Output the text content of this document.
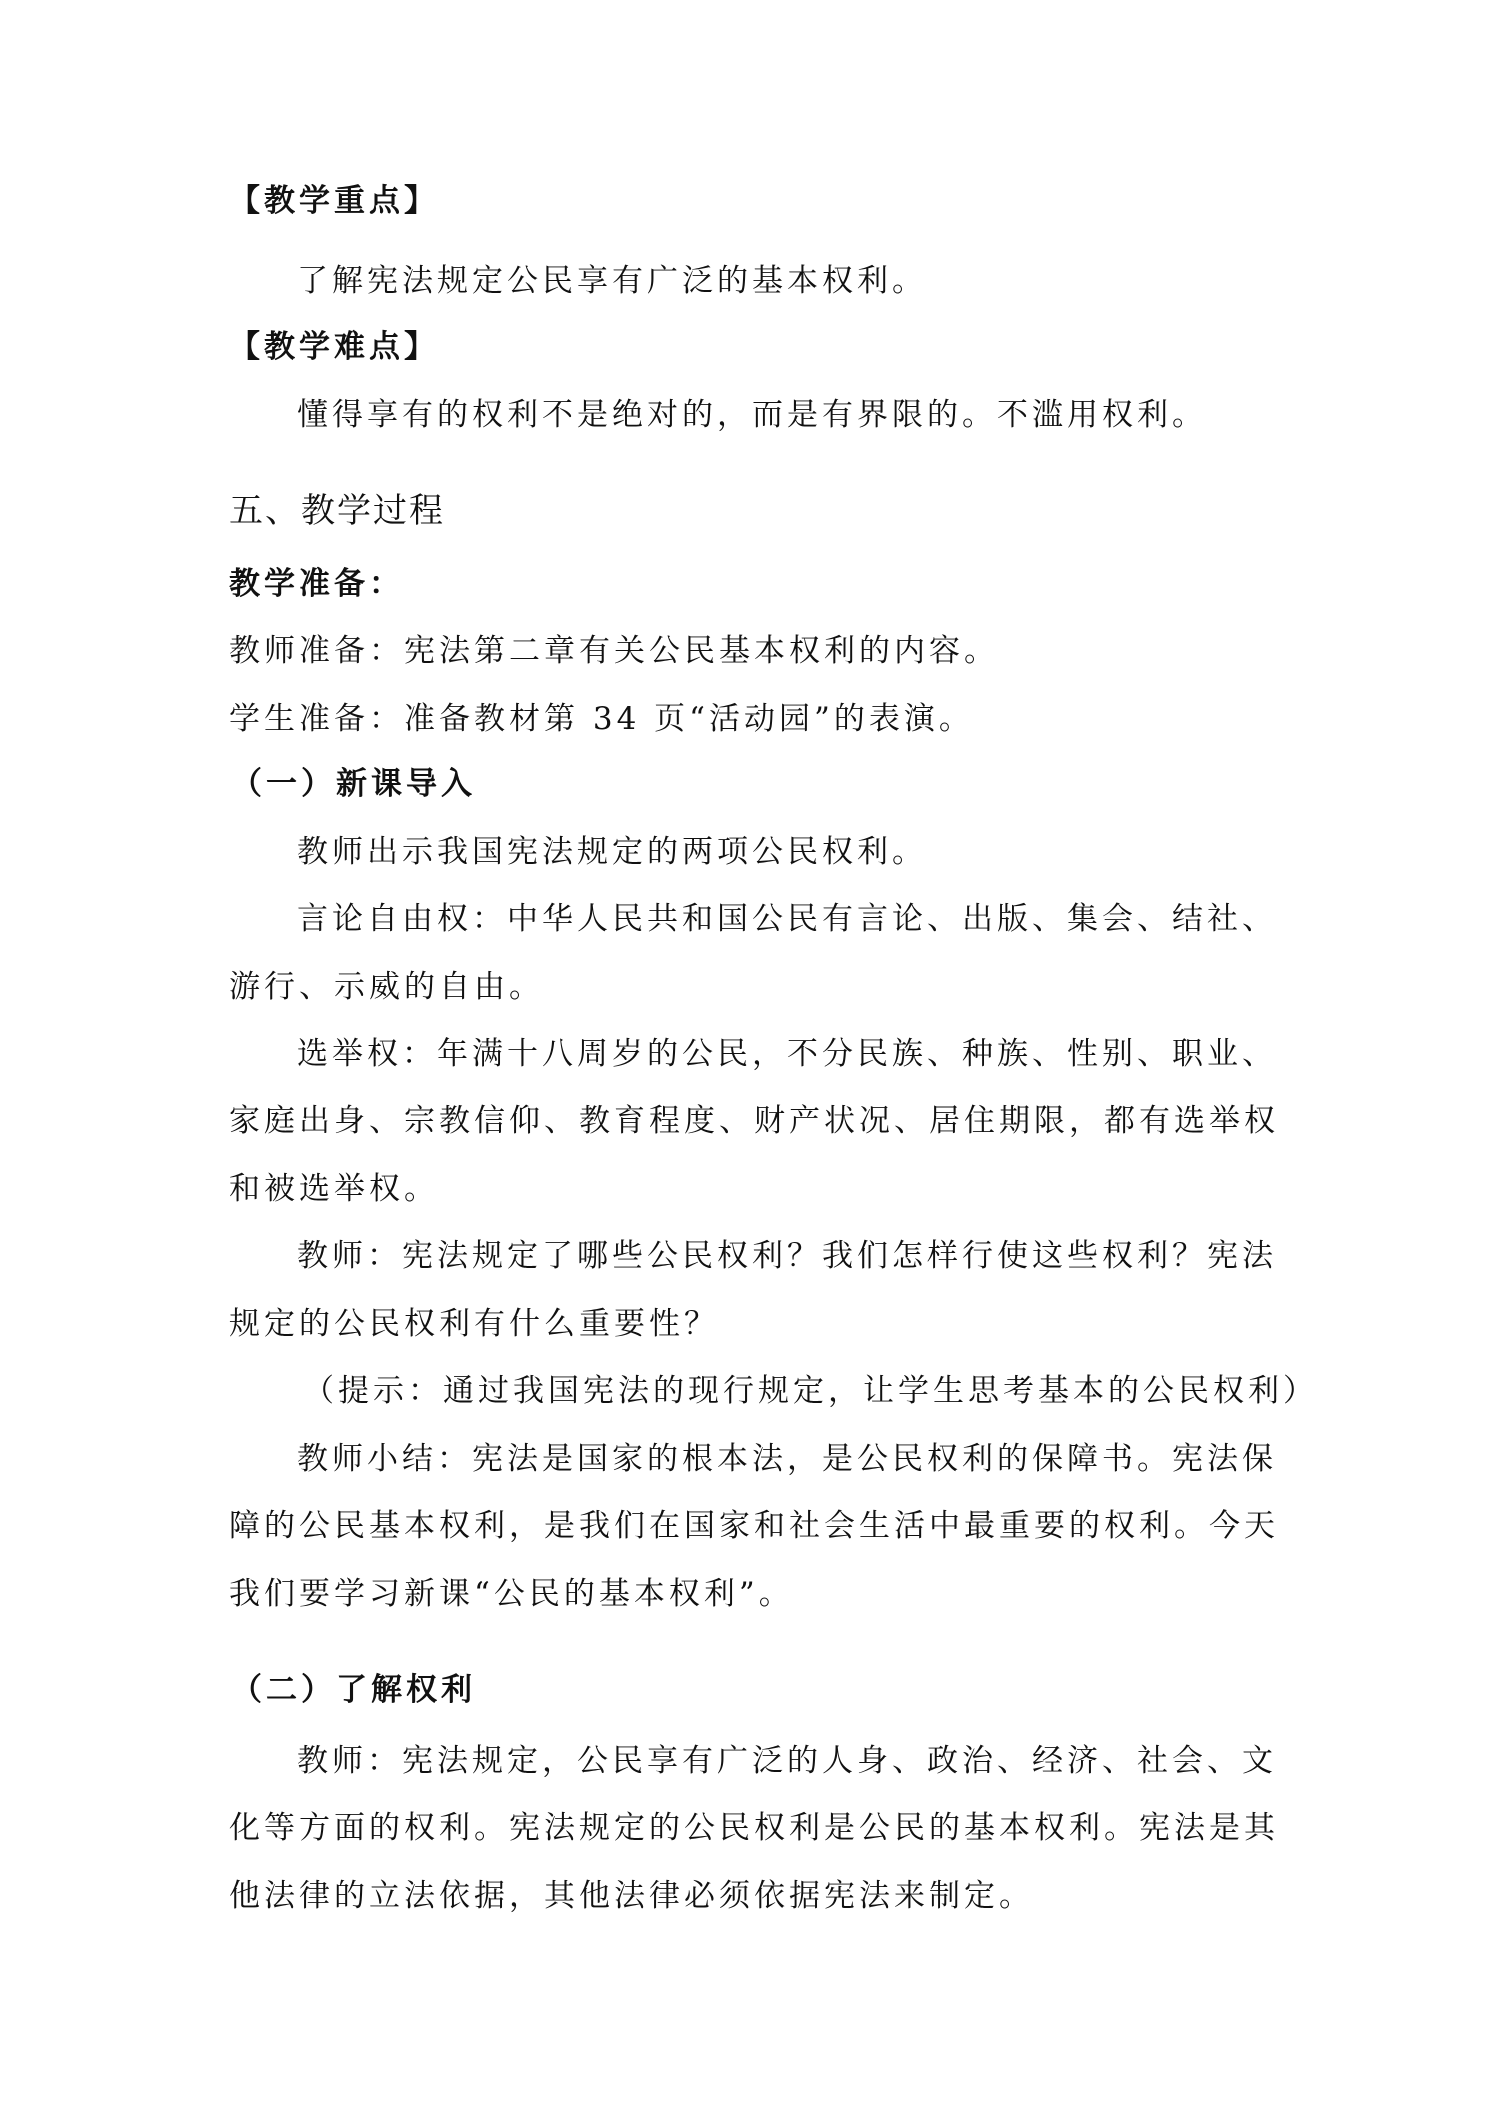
【教学重点】
了解宪法规定公民享有广泛的基本权利。
【教学难点】
懂得享有的权利不是绝对的，而是有界限的。不滥用权利。
五、教学过程
教学准备：
教师准备：宪法第二章有关公民基本权利的内容。
学生准备：准备教材第 34 页“活动园”的表演。
（一）新课导入
教师出示我国宪法规定的两项公民权利。
言论自由权：中华人民共和国公民有言论、出版、集会、结社、
游行、示威的自由。
选举权：年满十八周岁的公民，不分民族、种族、性别、职业、
家庭出身、宗教信仰、教育程度、财产状况、居住期限，都有选举权
和被选举权。
教师：宪法规定了哪些公民权利？我们怎样行使这些权利？宪法
规定的公民权利有什么重要性？
（提示：通过我国宪法的现行规定，让学生思考基本的公民权利）
教师小结：宪法是国家的根本法，是公民权利的保障书。宪法保
障的公民基本权利，是我们在国家和社会生活中最重要的权利。今天
我们要学习新课“公民的基本权利”。
（二）了解权利
教师：宪法规定，公民享有广泛的人身、政治、经济、社会、文
化等方面的权利。宪法规定的公民权利是公民的基本权利。宪法是其
他法律的立法依据，其他法律必须依据宪法来制定。
